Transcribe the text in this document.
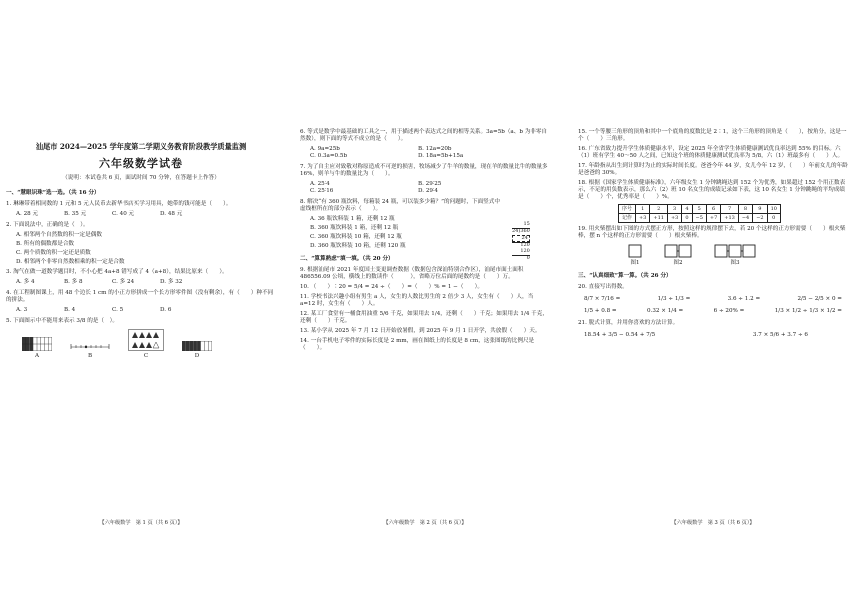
汕尾市 2024—2025 学年度第二学期义务教育阶段教学质量监测
六年级数学试卷
（说明：本试卷共 6 页，面试时间 70 分钟，在答题卡上作答）
一、“慧眼识珠”选一选。（共 16 分）
1. 琳琳带着相同数的 1 元和 5 元人民币去新华书店买学习用具，她带的钱可能是（　　）。
A. 28 元	B. 35 元	C. 40 元	D. 48 元
2. 下面说法中，正确的是（　）。
A. 相邻两个自然数的积一定是偶数
B. 所有的偶数都是合数
C. 两个质数的积一定还是质数
D. 相邻两个非零自然数相乘的积一定是合数
3. 淘气在做一道数学题目时，不小心把 4a+8 错写成了 4（a+8），结果比原来（　　）。
A. 多 4	B. 多 8	C. 多 24	D. 多 32
4. 在工程制图课上，用 48 个边长 1 cm 的小正方形拼成一个长方形零件图（没有剩余），有（　　）种不同的拼法。
A. 3	B. 4	C. 5	D. 6
5. 下面图示中不能用来表示 3/8 的是（　）。
A	B	C	D
【六年级数学　第 1 页（共 6 页）】
6. 等式是数学中最基础的工具之一，用于描述两个表达式之间的相等关系。3a=5b（a、b 为非零自然数），则下面的等式不成立的是（　　）。
A. 9a=25b	B. 12a=20b
C. 0.3a=0.5b	D. 18a=5b+15a
7. 为了自主应对致敬对称原造成不可逆的损害，牧场减少了牛羊的数量，现在羊的数量比牛的数量多 16%，则羊与牛的数量比为（　　）。
A. 25∶4	B. 29∶25
C. 25∶16	D. 29∶4
8. 解决“有 360 瓶饮料，每箱装 24 瓶，可以装多少箱？”的问题时，下面竖式中虚线框所在的部分表示（　　）。
A. 36 瓶饮料装 1 箱，还剩 12 瓶
B. 360 瓶饮料装 1 箱，还剩 12 瓶
C. 360 瓶饮料装 10 箱，还剩 12 瓶
D. 360 瓶饮料装 10 箱，还剩 120 瓶
15
24)360
24
120
120
0
二、“算算熟虑”填一填。（共 20 分）
9. 根据汕尾市 2021 年度国土变更调查数据（数据包含深汕特别合作区），汕尾市面土面积 486556.09 公顷，横线上的数读作（　　　），省略万位后面的尾数约是（　　）万。
10. （　　）∶20 = 5/4 = 24 ÷（　　）=（　　）% = 1 −（　　）。
11. 学校书法兴趣小组有男生 a 人，女生的人数比男生的 2 倍少 3 人，女生有（　　）人，当 a=12 时，女生有（　　）人。
12. 某工厂食堂有一桶食用油重 5/6 千克，如果用去 1/4，还剩（　　）千克；如果用去 1/4 千克，还剩（　　）千克。
13. 某小学从 2025 年 7 月 12 日开始放暑假，到 2025 年 9 月 1 日开学，共放假（　　）天。
14. 一台手机电子零件的实际长度是 2 mm，画在图纸上的长度是 8 cm，这张图纸的比例尺是（　　）。
【六年级数学　第 2 页（共 6 页）】
15. 一个等腰三角形的顶角和其中一个底角的度数比是 2∶1，这个三角形的顶角是（　　），按角分，这是一个（　　）三角形。
16. 广东省致力提升学生体质健康水平，设定 2025 年全省学生体质健康测试优良率达到 55% 的目标。六（1）班有学生 40～50 人之间，已知这个班的体质健康测试优良率为 5/8，六（1）班最多有（　　）人。
17. 年龄指从出生到计算时为止的实际时间长度。爸爸今年 44 岁，女儿今年 12 岁，（　　）年前女儿的年龄是爸爸的 30%。
18. 根据《国家学生体质健康标准》，六年级女生 1 分钟跳绳达到 152 个为优秀，如果超过 152 个用正数表示，不足的用负数表示，那么六（2）班 10 名女生的成绩记录如下表，这 10 名女生 1 分钟跳绳的平均成绩是（　　）个，优秀率是（　　）%。
序号	1	2	3	4	5	6	7	8	9	10
记作	+3	+11	+3	0	−5	+7	+13	−4	−2	0
19. 用火柴摆出如下图的方式摆正方形，按照这样的规律摆下去，若 20 个这样的正方形需要（　　）根火柴棒，摆 n 个这样的正方形需要（　　）根火柴棒。
图1	图2	图3
三、“认真细致”算一算。（共 26 分）
20. 直接写出得数。
8/7 × 7/16 =	1/3 ÷ 1/3 =	3.6 ÷ 1.2 =	2/5 − 2/5 × 0 =
1/5 + 0.8 =	0.32 × 1/4 =	6 ÷ 20% =	1/3 × 1/2 ÷ 1/3 × 1/2 =
21. 脱式计算，并用你喜欢的方法计算。
18.54 + 3/5 − 0.54 + 7/5	3.7 × 5/6 + 3.7 ÷ 6
【六年级数学　第 3 页（共 6 页）】
